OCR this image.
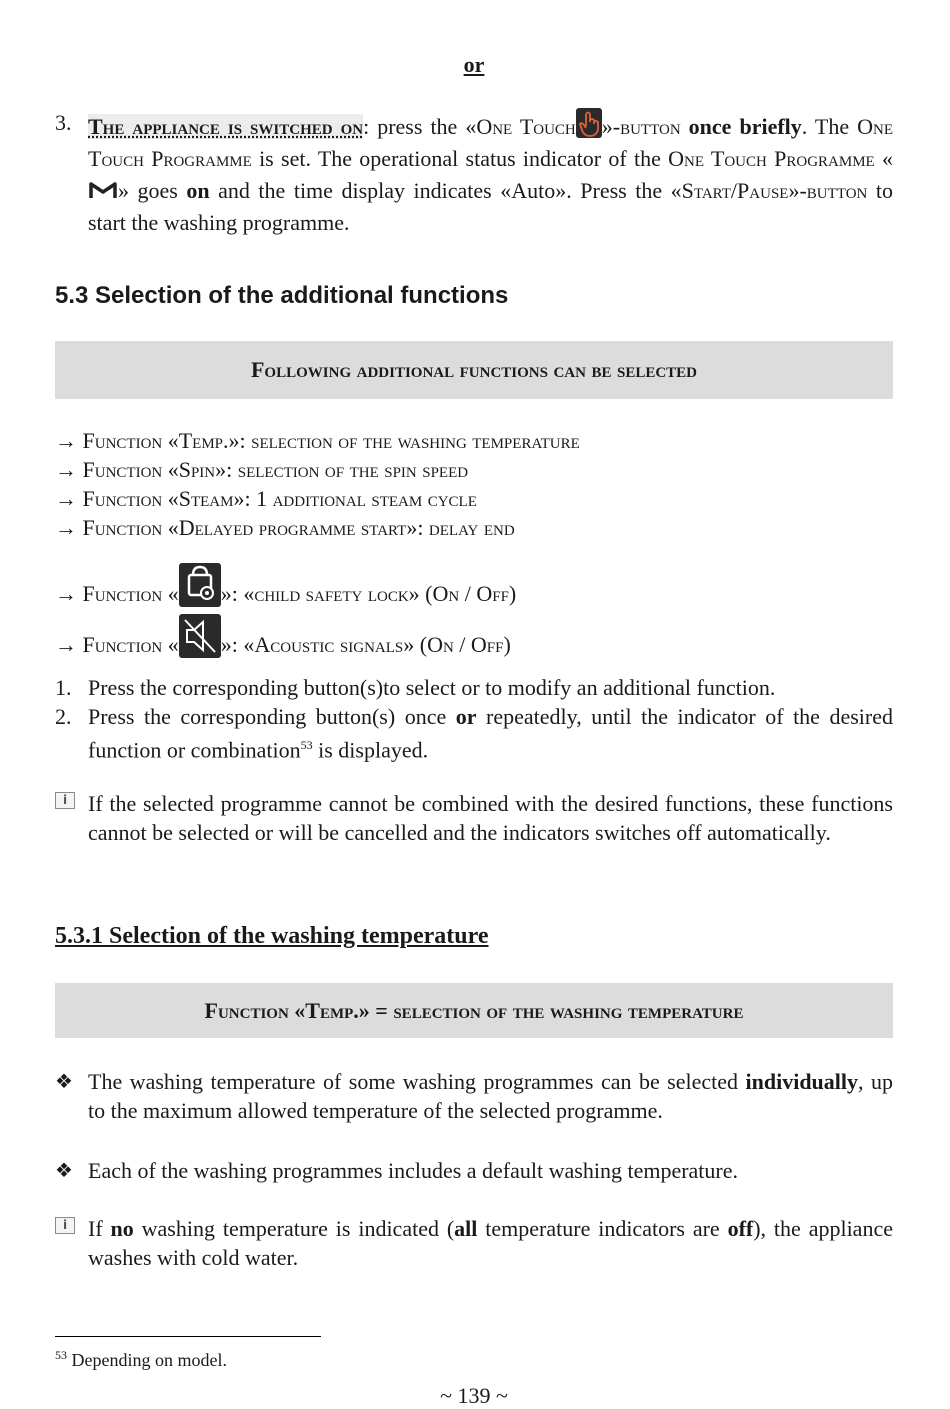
or
3. The appliance is switched on: press the «One Touch »-button once briefly. The One Touch Programme is set. The operational status indicator of the One Touch Programme «» goes on and the time display indicates «Auto». Press the «Start/Pause»-button to start the washing programme.
5.3 Selection of the additional functions
Following additional functions can be selected
→ Function «Temp.»: selection of the washing temperature
→ Function «Spin»: selection of the spin speed
→ Function «Steam»: 1 additional steam cycle
→ Function «Delayed programme start»: delay end
→ Function « »: «child safety lock» (On / Off)
→ Function « »: «Acoustic signals» (On / Off)
1. Press the corresponding button(s)to select or to modify an additional function.
2. Press the corresponding button(s) once or repeatedly, until the indicator of the desired function or combination$^{53}$ is displayed.
i If the selected programme cannot be combined with the desired functions, these functions cannot be selected or will be cancelled and the indicators switches off automatically.
5.3.1 Selection of the washing temperature
Function «Temp.» = selection of the washing temperature
❖ The washing temperature of some washing programmes can be selected individually, up to the maximum allowed temperature of the selected programme.
❖ Each of the washing programmes includes a default washing temperature.
i If no washing temperature is indicated (all temperature indicators are off), the appliance washes with cold water.
$^{53}$ Depending on model.
~ 139 ~
